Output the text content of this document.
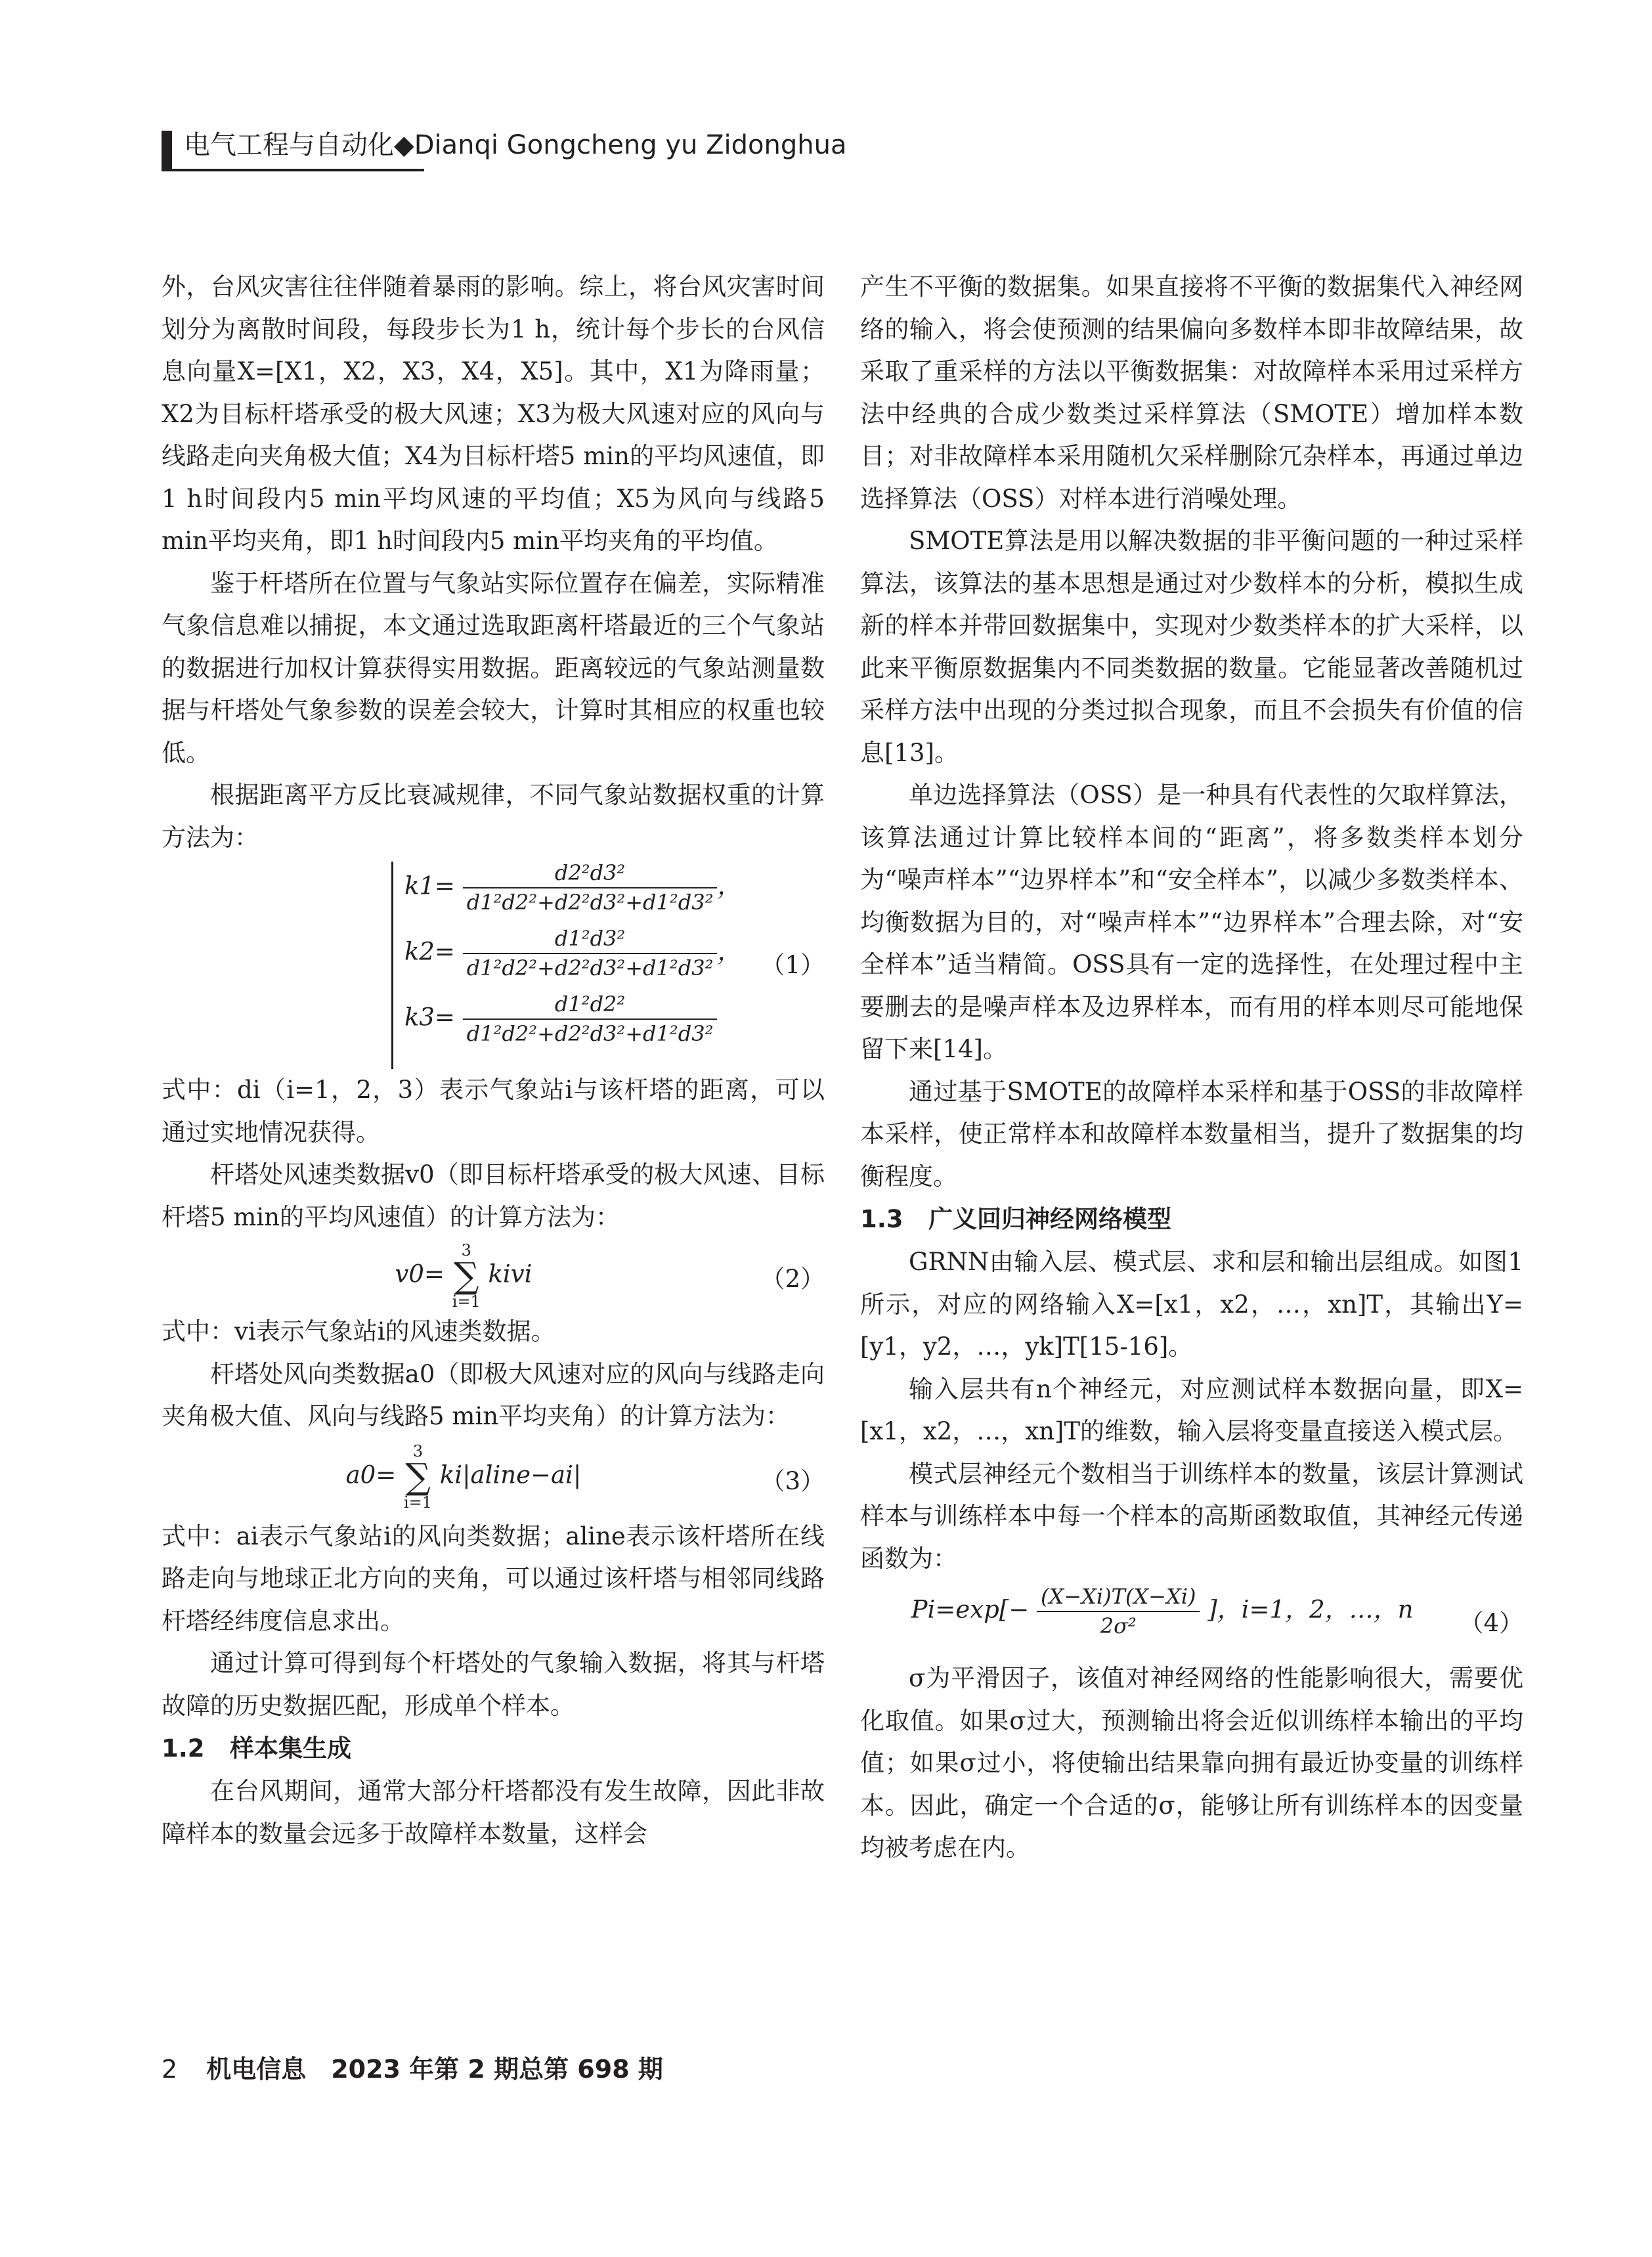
电气工程与自动化◆Dianqi Gongcheng yu Zidonghua

外，台风灾害往往伴随着暴雨的影响。综上，将台风灾害时间划分为离散时间段，每段步长为1 h，统计每个步长的台风信息向量X=[X1，X2，X3，X4，X5]。其中，X1为降雨量；X2为目标杆塔承受的极大风速；X3为极大风速对应的风向与线路走向夹角极大值；X4为目标杆塔5 min的平均风速值，即1 h时间段内5 min平均风速的平均值；X5为风向与线路5 min平均夹角，即1 h时间段内5 min平均夹角的平均值。

鉴于杆塔所在位置与气象站实际位置存在偏差，实际精准气象信息难以捕捉，本文通过选取距离杆塔最近的三个气象站的数据进行加权计算获得实用数据。距离较远的气象站测量数据与杆塔处气象参数的误差会较大，计算时其相应的权重也较低。

根据距离平方反比衰减规律，不同气象站数据权重的计算方法为：

$k1= \frac{\text{d2²d3²}}{\text{d1²d2²+d2²d3²+d1²d3²}}$ ，
$k2= \frac{\text{d1²d3²}}{\text{d1²d2²+d2²d3²+d1²d3²}}$ ，
$k3= \frac{\text{d1²d2²}}{\text{d1²d2²+d2²d3²+d1²d3²}}$
（1）

式中：di（i=1，2，3）表示气象站i与该杆塔的距离，可以通过实地情况获得。

杆塔处风速类数据v0（即目标杆塔承受的极大风速、目标杆塔5 min的平均风速值）的计算方法为：

v0=
3
∑
i=1
kivi	（2）

式中：vi表示气象站i的风速类数据。

杆塔处风向类数据a0（即极大风速对应的风向与线路走向夹角极大值、风向与线路5 min平均夹角）的计算方法为：

a0=
3
∑
i=1
ki|aline−ai|	（3）

式中：ai表示气象站i的风向类数据；aline表示该杆塔所在线路走向与地球正北方向的夹角，可以通过该杆塔与相邻同线路杆塔经纬度信息求出。

通过计算可得到每个杆塔处的气象输入数据，将其与杆塔故障的历史数据匹配，形成单个样本。

1.2 样本集生成

在台风期间，通常大部分杆塔都没有发生故障，因此非故障样本的数量会远多于故障样本数量，这样会

产生不平衡的数据集。如果直接将不平衡的数据集代入神经网络的输入，将会使预测的结果偏向多数样本即非故障结果，故采取了重采样的方法以平衡数据集：对故障样本采用过采样方法中经典的合成少数类过采样算法（SMOTE）增加样本数目；对非故障样本采用随机欠采样删除冗杂样本，再通过单边选择算法（OSS）对样本进行消噪处理。

SMOTE算法是用以解决数据的非平衡问题的一种过采样算法，该算法的基本思想是通过对少数样本的分析，模拟生成新的样本并带回数据集中，实现对少数类样本的扩大采样，以此来平衡原数据集内不同类数据的数量。它能显著改善随机过采样方法中出现的分类过拟合现象，而且不会损失有价值的信息[13]。

单边选择算法（OSS）是一种具有代表性的欠取样算法，该算法通过计算比较样本间的“距离”，将多数类样本划分为“噪声样本”“边界样本”和“安全样本”，以减少多数类样本、均衡数据为目的，对“噪声样本”“边界样本”合理去除，对“安全样本”适当精简。OSS具有一定的选择性，在处理过程中主要删去的是噪声样本及边界样本，而有用的样本则尽可能地保留下来[14]。

通过基于SMOTE的故障样本采样和基于OSS的非故障样本采样，使正常样本和故障样本数量相当，提升了数据集的均衡程度。

1.3 广义回归神经网络模型

GRNN由输入层、模式层、求和层和输出层组成。如图1所示，对应的网络输入X=[x1，x2，…，xn]T，其输出Y=[y1，y2，…，yk]T[15-16]。

输入层共有n个神经元，对应测试样本数据向量，即X=[x1，x2，…，xn]T的维数，输入层将变量直接送入模式层。

模式层神经元个数相当于训练样本的数量，该层计算测试样本与训练样本中每一个样本的高斯函数取值，其神经元传递函数为：

$Pi=\exp[- \frac{(X-Xi)T(X-Xi)}{\text{2σ²}}$ ]，i=1，2，…，n	（4）

σ为平滑因子，该值对神经网络的性能影响很大，需要优化取值。如果σ过大，预测输出将会近似训练样本输出的平均值；如果σ过小，将使输出结果靠向拥有最近协变量的训练样本。因此，确定一个合适的σ，能够让所有训练样本的因变量均被考虑在内。

2 机电信息　2023 年第 2 期总第 698 期
